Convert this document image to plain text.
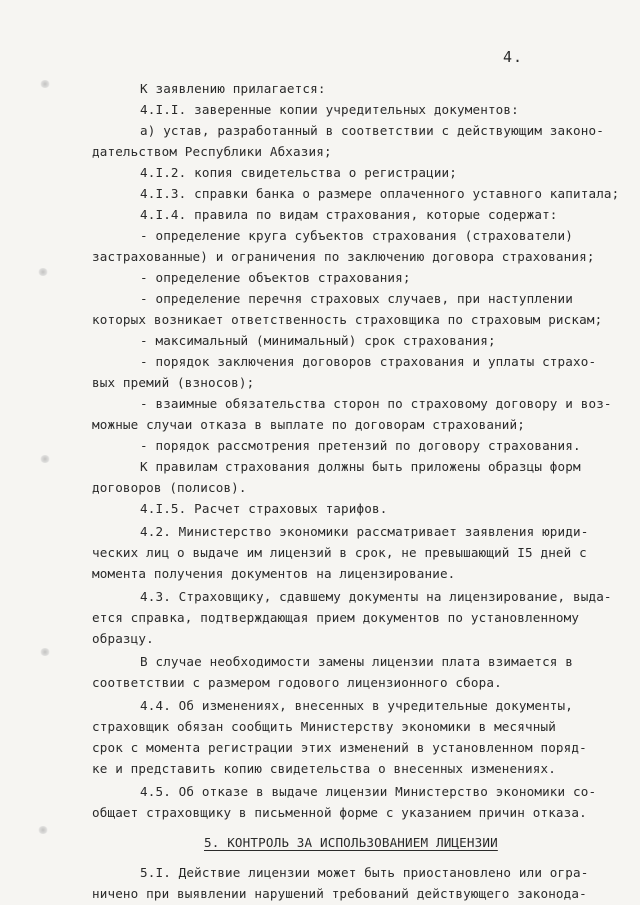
4.
К заявлению прилагается:
4.I.I. заверенные копии учредительных документов:
а) устав, разработанный в соответствии с действующим законо-
дательством Республики Абхазия;
4.I.2. копия свидетельства о регистрации;
4.I.3. справки банка о размере оплаченного уставного капитала;
4.I.4. правила по видам страхования, которые содержат:
- определение круга субъектов страхования (страхователи)
застрахованные) и ограничения по заключению договора страхования;
- определение объектов страхования;
- определение перечня страховых случаев, при наступлении
которых возникает ответственность страховщика по страховым рискам;
- максимальный (минимальный) срок страхования;
- порядок заключения договоров страхования и уплаты страхо-
вых премий (взносов);
- взаимные обязательства сторон по страховому договору и воз-
можные случаи отказа в выплате по договорам страхований;
- порядок рассмотрения претензий по договору страхования.
К правилам страхования должны быть приложены образцы форм
договоров (полисов).
4.I.5. Расчет страховых тарифов.
4.2. Министерство экономики рассматривает заявления юриди-
ческих лиц о выдаче им лицензий в срок, не превышающий I5 дней с
момента получения документов на лицензирование.
4.3. Страховщику, сдавшему документы на лицензирование, выда-
ется справка, подтверждающая прием документов по установленному
образцу.
В случае необходимости замены лицензии плата взимается в
соответствии с размером годового лицензионного сбора.
4.4. Об изменениях, внесенных в учредительные документы,
страховщик обязан сообщить Министерству экономики в месячный
срок с момента регистрации этих изменений в установленном поряд-
ке и представить копию свидетельства о внесенных изменениях.
4.5. Об отказе в выдаче лицензии Министерство экономики со-
общает страховщику в письменной форме с указанием причин отказа.
5. КОНТРОЛЬ ЗА ИСПОЛЬЗОВАНИЕМ ЛИЦЕНЗИИ
5.I. Действие лицензии может быть приостановлено или огра-
ничено при выявлении нарушений требований действующего законода-
